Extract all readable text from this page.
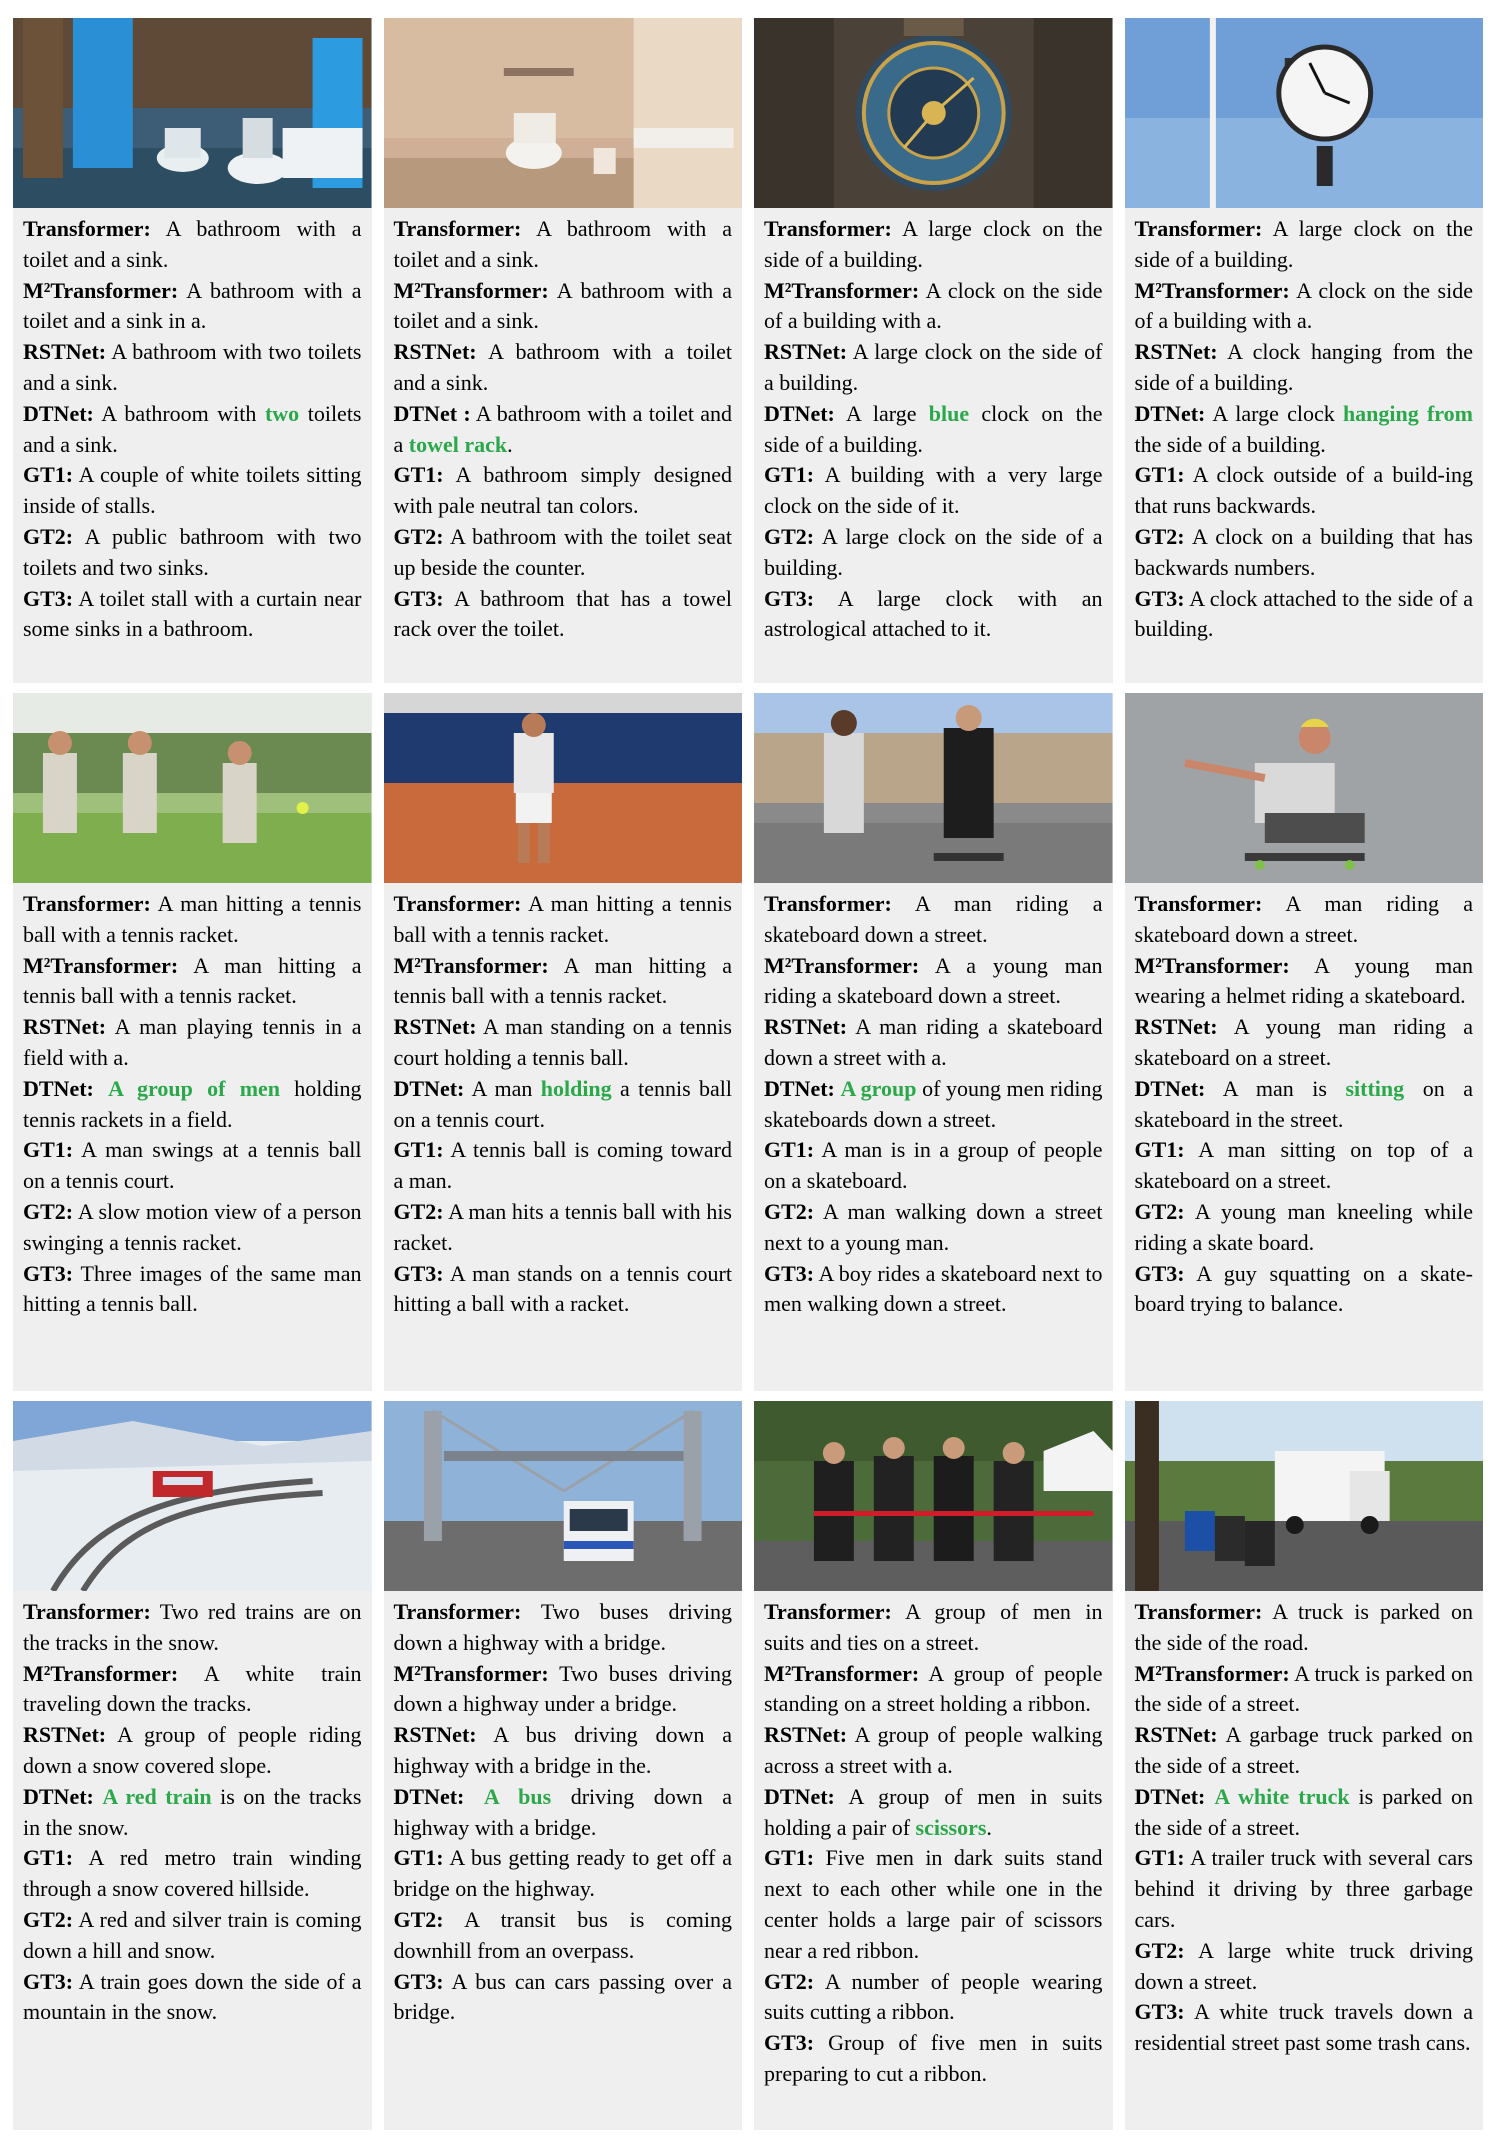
Transformer: A bathroom with a toilet and a sink.

M²Transformer: A bathroom with a toilet and a sink in a.

RSTNet: A bathroom with two toilets and a sink.

DTNet: A bathroom with two toilets and a sink.

GT1: A couple of white toilets sitting inside of stalls.

GT2: A public bathroom with two toilets and two sinks.

GT3: A toilet stall with a curtain near some sinks in a bathroom.

Transformer: A bathroom with a toilet and a sink.

M²Transformer: A bathroom with a toilet and a sink.

RSTNet: A bathroom with a toilet and a sink.

DTNet : A bathroom with a toilet and a towel rack.

GT1: A bathroom simply designed with pale neutral tan colors.

GT2: A bathroom with the toilet seat up beside the counter.

GT3: A bathroom that has a towel rack over the toilet.

Transformer: A large clock on the side of a building.

M²Transformer: A clock on the side of a building with a.

RSTNet: A large clock on the side of a building.

DTNet: A large blue clock on the side of a building.

GT1: A building with a very large clock on the side of it.

GT2: A large clock on the side of a building.

GT3: A large clock with an astrological attached to it.

Transformer: A large clock on the side of a building.

M²Transformer: A clock on the side of a building with a.

RSTNet: A clock hanging from the side of a building.

DTNet: A large clock hanging from the side of a building.

GT1: A clock outside of a build-ing that runs backwards.

GT2: A clock on a building that has backwards numbers.

GT3: A clock attached to the side of a building.

Transformer: A man hitting a tennis ball with a tennis racket.

M²Transformer: A man hitting a tennis ball with a tennis racket.

RSTNet: A man playing tennis in a field with a.

DTNet: A group of men holding tennis rackets in a field.

GT1: A man swings at a tennis ball on a tennis court.

GT2: A slow motion view of a person swinging a tennis racket.

GT3: Three images of the same man hitting a tennis ball.

Transformer: A man hitting a tennis ball with a tennis racket.

M²Transformer: A man hitting a tennis ball with a tennis racket.

RSTNet: A man standing on a tennis court holding a tennis ball.

DTNet: A man holding a tennis ball on a tennis court.

GT1: A tennis ball is coming toward a man.

GT2: A man hits a tennis ball with his racket.

GT3: A man stands on a tennis court hitting a ball with a racket.

Transformer: A man riding a skateboard down a street.

M²Transformer: A a young man riding a skateboard down a street.

RSTNet: A man riding a skateboard down a street with a.

DTNet: A group of young men riding skateboards down a street.

GT1: A man is in a group of people on a skateboard.

GT2: A man walking down a street next to a young man.

GT3: A boy rides a skateboard next to men walking down a street.

Transformer: A man riding a skateboard down a street.

M²Transformer: A young man wearing a helmet riding a skateboard.

RSTNet: A young man riding a skateboard on a street.

DTNet: A man is sitting on a skateboard in the street.

GT1: A man sitting on top of a skateboard on a street.

GT2: A young man kneeling while riding a skate board.

GT3: A guy squatting on a skate-board trying to balance.

Transformer: Two red trains are on the tracks in the snow.

M²Transformer: A white train traveling down the tracks.

RSTNet: A group of people riding down a snow covered slope.

DTNet: A red train is on the tracks in the snow.

GT1: A red metro train winding through a snow covered hillside.

GT2: A red and silver train is coming down a hill and snow.

GT3: A train goes down the side of a mountain in the snow.

Transformer: Two buses driving down a highway with a bridge.

M²Transformer: Two buses driving down a highway under a bridge.

RSTNet: A bus driving down a highway with a bridge in the.

DTNet: A bus driving down a highway with a bridge.

GT1: A bus getting ready to get off a bridge on the highway.

GT2: A transit bus is coming downhill from an overpass.

GT3: A bus can cars passing over a bridge.

Transformer: A group of men in suits and ties on a street.

M²Transformer: A group of people standing on a street holding a ribbon.

RSTNet: A group of people walking across a street with a.

DTNet: A group of men in suits holding a pair of scissors.

GT1: Five men in dark suits stand next to each other while one in the center holds a large pair of scissors near a red ribbon.

GT2: A number of people wearing suits cutting a ribbon.

GT3: Group of five men in suits preparing to cut a ribbon.

Transformer: A truck is parked on the side of the road.

M²Transformer: A truck is parked on the side of a street.

RSTNet: A garbage truck parked on the side of a street.

DTNet: A white truck is parked on the side of a street.

GT1: A trailer truck with several cars behind it driving by three garbage cars.

GT2: A large white truck driving down a street.

GT3: A white truck travels down a residential street past some trash cans.
